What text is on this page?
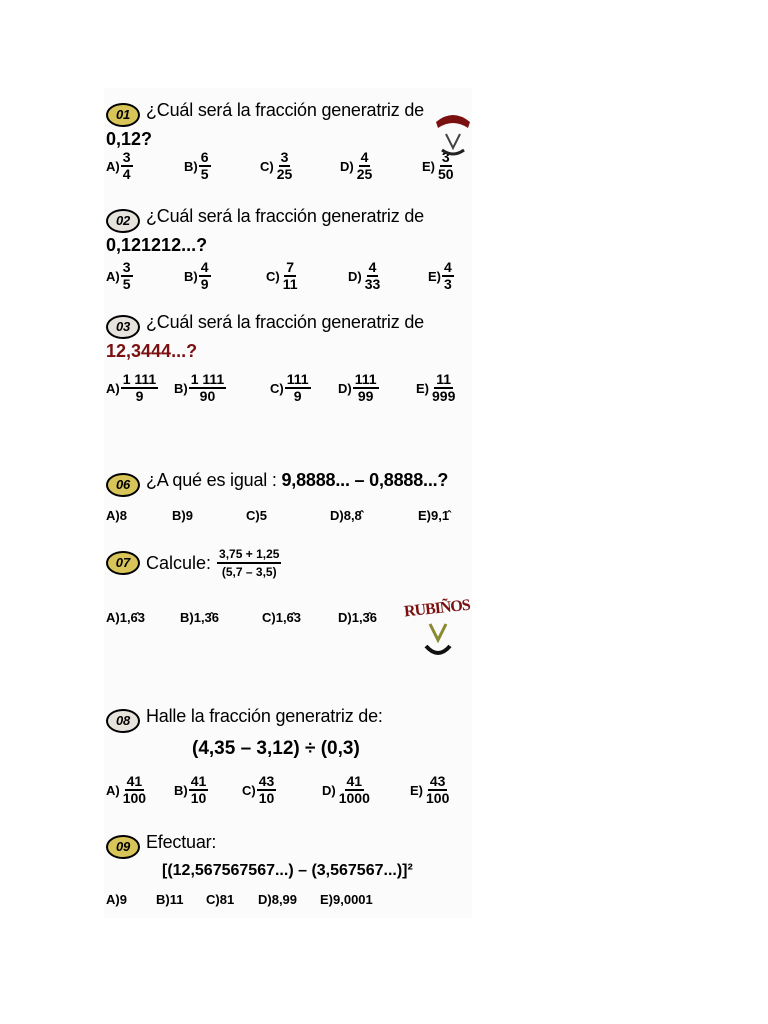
01 ¿Cuál será la fracción generatriz de
0,12?
$A) \frac{3}{4}$	$B) \frac{6}{5}$	$C) \frac{3}{25}$	$D) \frac{4}{25}$	$E) \frac{3}{50}$
02 ¿Cuál será la fracción generatriz de
0,121212...?
$A) \frac{3}{5}$	$B) \frac{4}{9}$	$C) \frac{7}{11}$	$D) \frac{4}{33}$	$E) \frac{4}{3}$
03 ¿Cuál será la fracción generatriz de
12,3444...?
$A) \frac{1 111}{9} B) \frac{1 111}{90}$	$C) \frac{111}{9} D) \frac{111}{99}$	$E) \frac{11}{999}$
06 ¿A qué es igual : 9,8888... – 0,8888...?
A)8	B)9	C)5	D)8,8̂	E)9,1̂
07 Calcule: $\frac{3,75 + 1,25}{(5,7 - 3,5)}$
A)1,6̂3	B)1,3̂6	C)1,6̂3	D)1,3̂6	RUBIÑOS
08 Halle la fracción generatriz de:
(4,35 – 3,12) ÷ (0,3)
$A) \frac{41}{100} B) \frac{41}{10}$	$C) \frac{43}{10}$	$D) \frac{41}{1000}$	$E) \frac{43}{100}$
09 Efectuar:
[(12,567567567...) – (3,567567...)]²
A)9	B)11	C)81	D)8,99	E)9,0001
